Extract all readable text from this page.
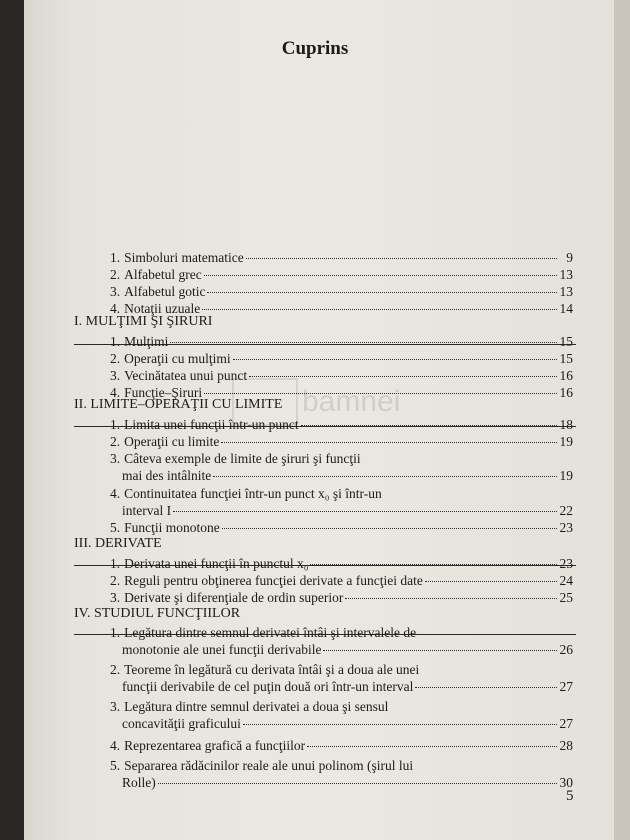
bamnei
Cuprins
1. Simboluri matematice	9
2. Alfabetul grec	13
3. Alfabetul gotic	13
4. Notaţii uzuale	14
I. MULŢIMI ŞI ŞIRURI
1. Mulţimi	15
2. Operaţii cu mulţimi	15
3. Vecinătatea unui punct	16
4. Funcţie–Şiruri	16
II. LIMITE–OPERAŢII CU LIMITE
1. Limita unei funcţii într-un punct	18
2. Operaţii cu limite	19
3. Câteva exemple de limite de şiruri şi funcţii
mai des intâlnite	19
4. Continuitatea funcţiei într-un punct x₀ şi într-un
interval I	22
5. Funcţii monotone	23
III. DERIVATE
1. Derivata unei funcţii în punctul x₀	23
2. Reguli pentru obţinerea funcţiei derivate a funcţiei date	24
3. Derivate şi diferenţiale de ordin superior	25
IV. STUDIUL FUNCŢIILOR
1. Legătura dintre semnul derivatei întâi şi intervalele de
monotonie ale unei funcţii derivabile	26
2. Teoreme în legătură cu derivata întâi şi a doua ale unei
funcţii derivabile de cel puţin două ori într-un interval	27
3. Legătura dintre semnul derivatei a doua şi sensul
concavităţii graficului	27
4. Reprezentarea grafică a funcţiilor	28
5. Separarea rădăcinilor reale ale unui polinom (şirul lui
Rolle)	30
5
